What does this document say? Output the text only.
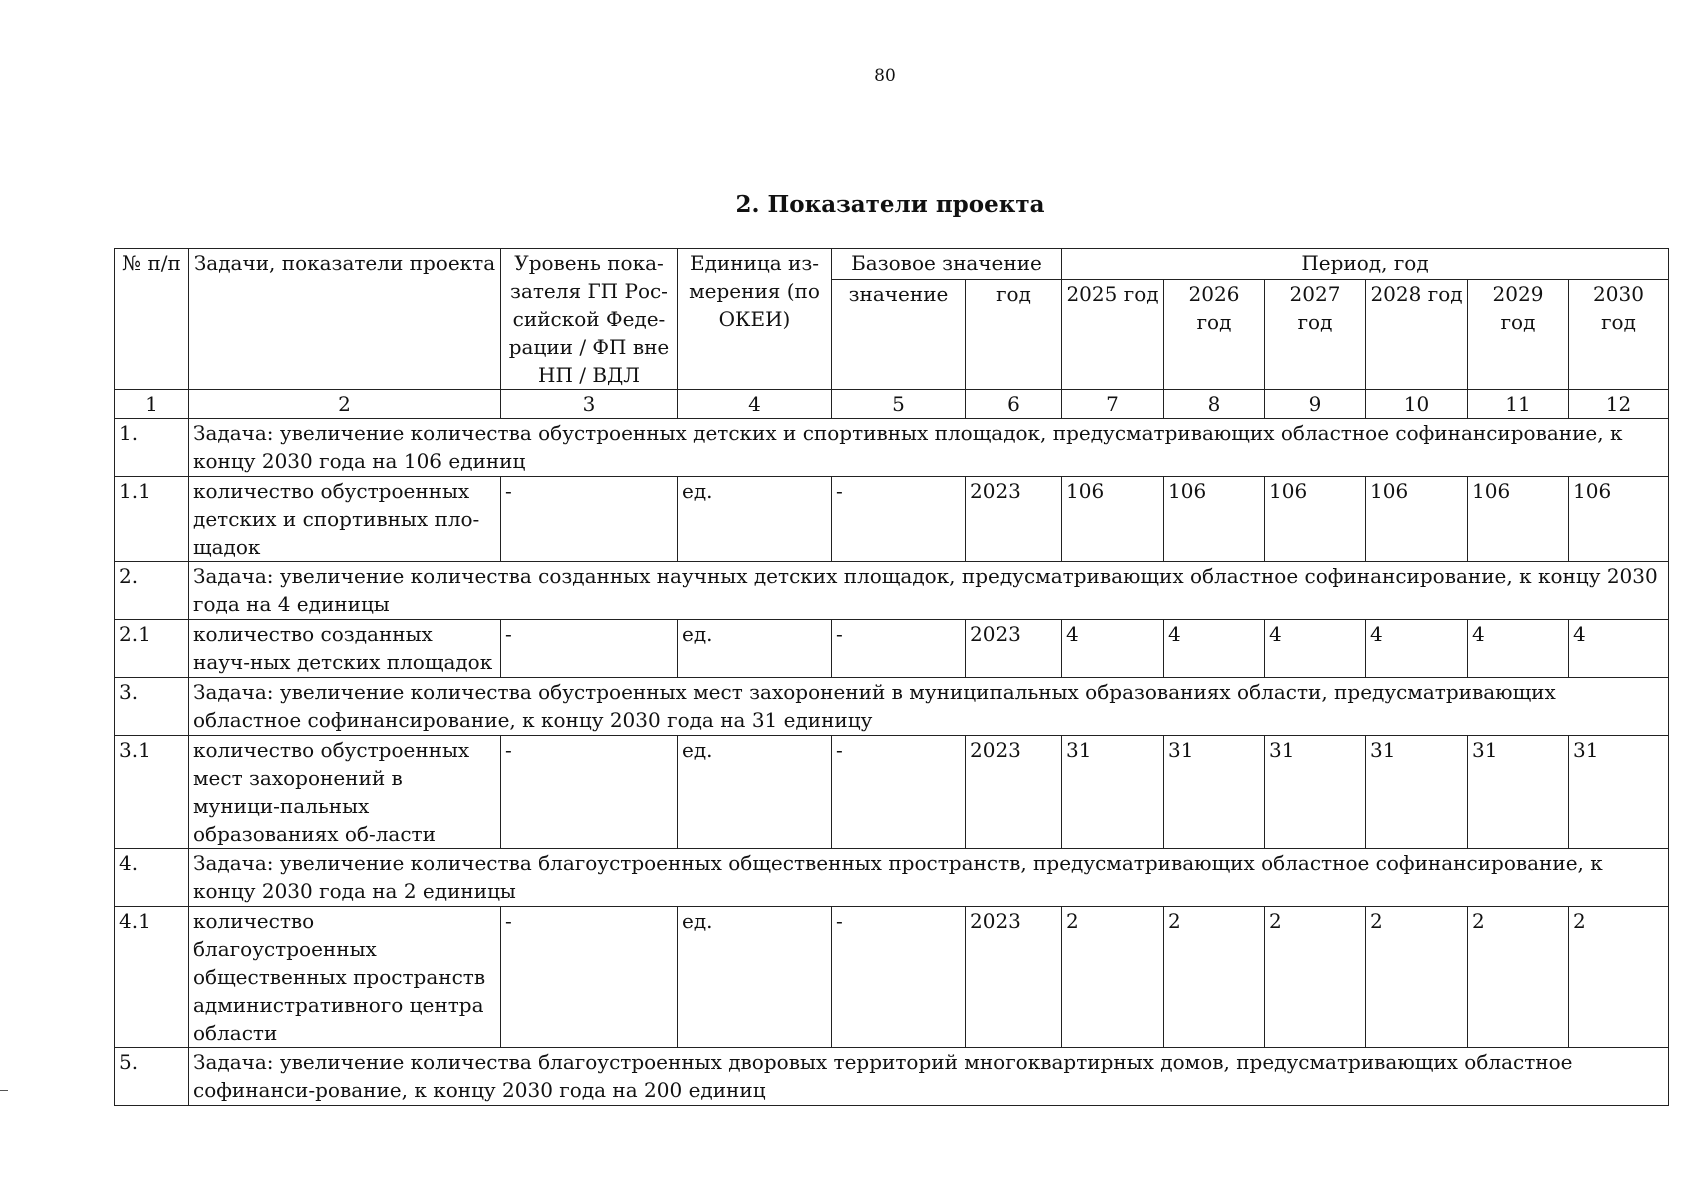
80
2. Показатели проекта
№ п/п	Задачи, показатели проекта	Уровень пока-зателя ГП Рос-сийской Феде-рации / ФП вне НП / ВДЛ	Единица из-мерения (по ОКЕИ)	Базовое значение		Период, год					
				значение	год	2025 год	2026 год	2027 год	2028 год	2029 год	2030 год
1	2	3	4	5	6	7	8	9	10	11	12
1.	Задача: увеличение количества обустроенных детских и спортивных площадок, предусматривающих областное софинансирование, к концу 2030 года на 106 единиц										
1.1	количество обустроенных детских и спортивных пло-щадок	-	ед.	-	2023	106	106	106	106	106	106
2.	Задача: увеличение количества созданных научных детских площадок, предусматривающих областное софинансирование, к концу 2030 года на 4 единицы										
2.1	количество созданных науч-ных детских площадок	-	ед.	-	2023	4	4	4	4	4	4
3.	Задача: увеличение количества обустроенных мест захоронений в муниципальных образованиях области, предусматривающих областное софинансирование, к концу 2030 года на 31 единицу										
3.1	количество обустроенных мест захоронений в муници-пальных образованиях об-ласти	-	ед.	-	2023	31	31	31	31	31	31
4.	Задача: увеличение количества благоустроенных общественных пространств, предусматривающих областное софинансирование, к концу 2030 года на 2 единицы										
4.1	количество благоустроенных общественных пространств административного центра области	-	ед.	-	2023	2	2	2	2	2	2
5.	Задача: увеличение количества благоустроенных дворовых территорий многоквартирных домов, предусматривающих областное софинанси-рование, к концу 2030 года на 200 единиц										
